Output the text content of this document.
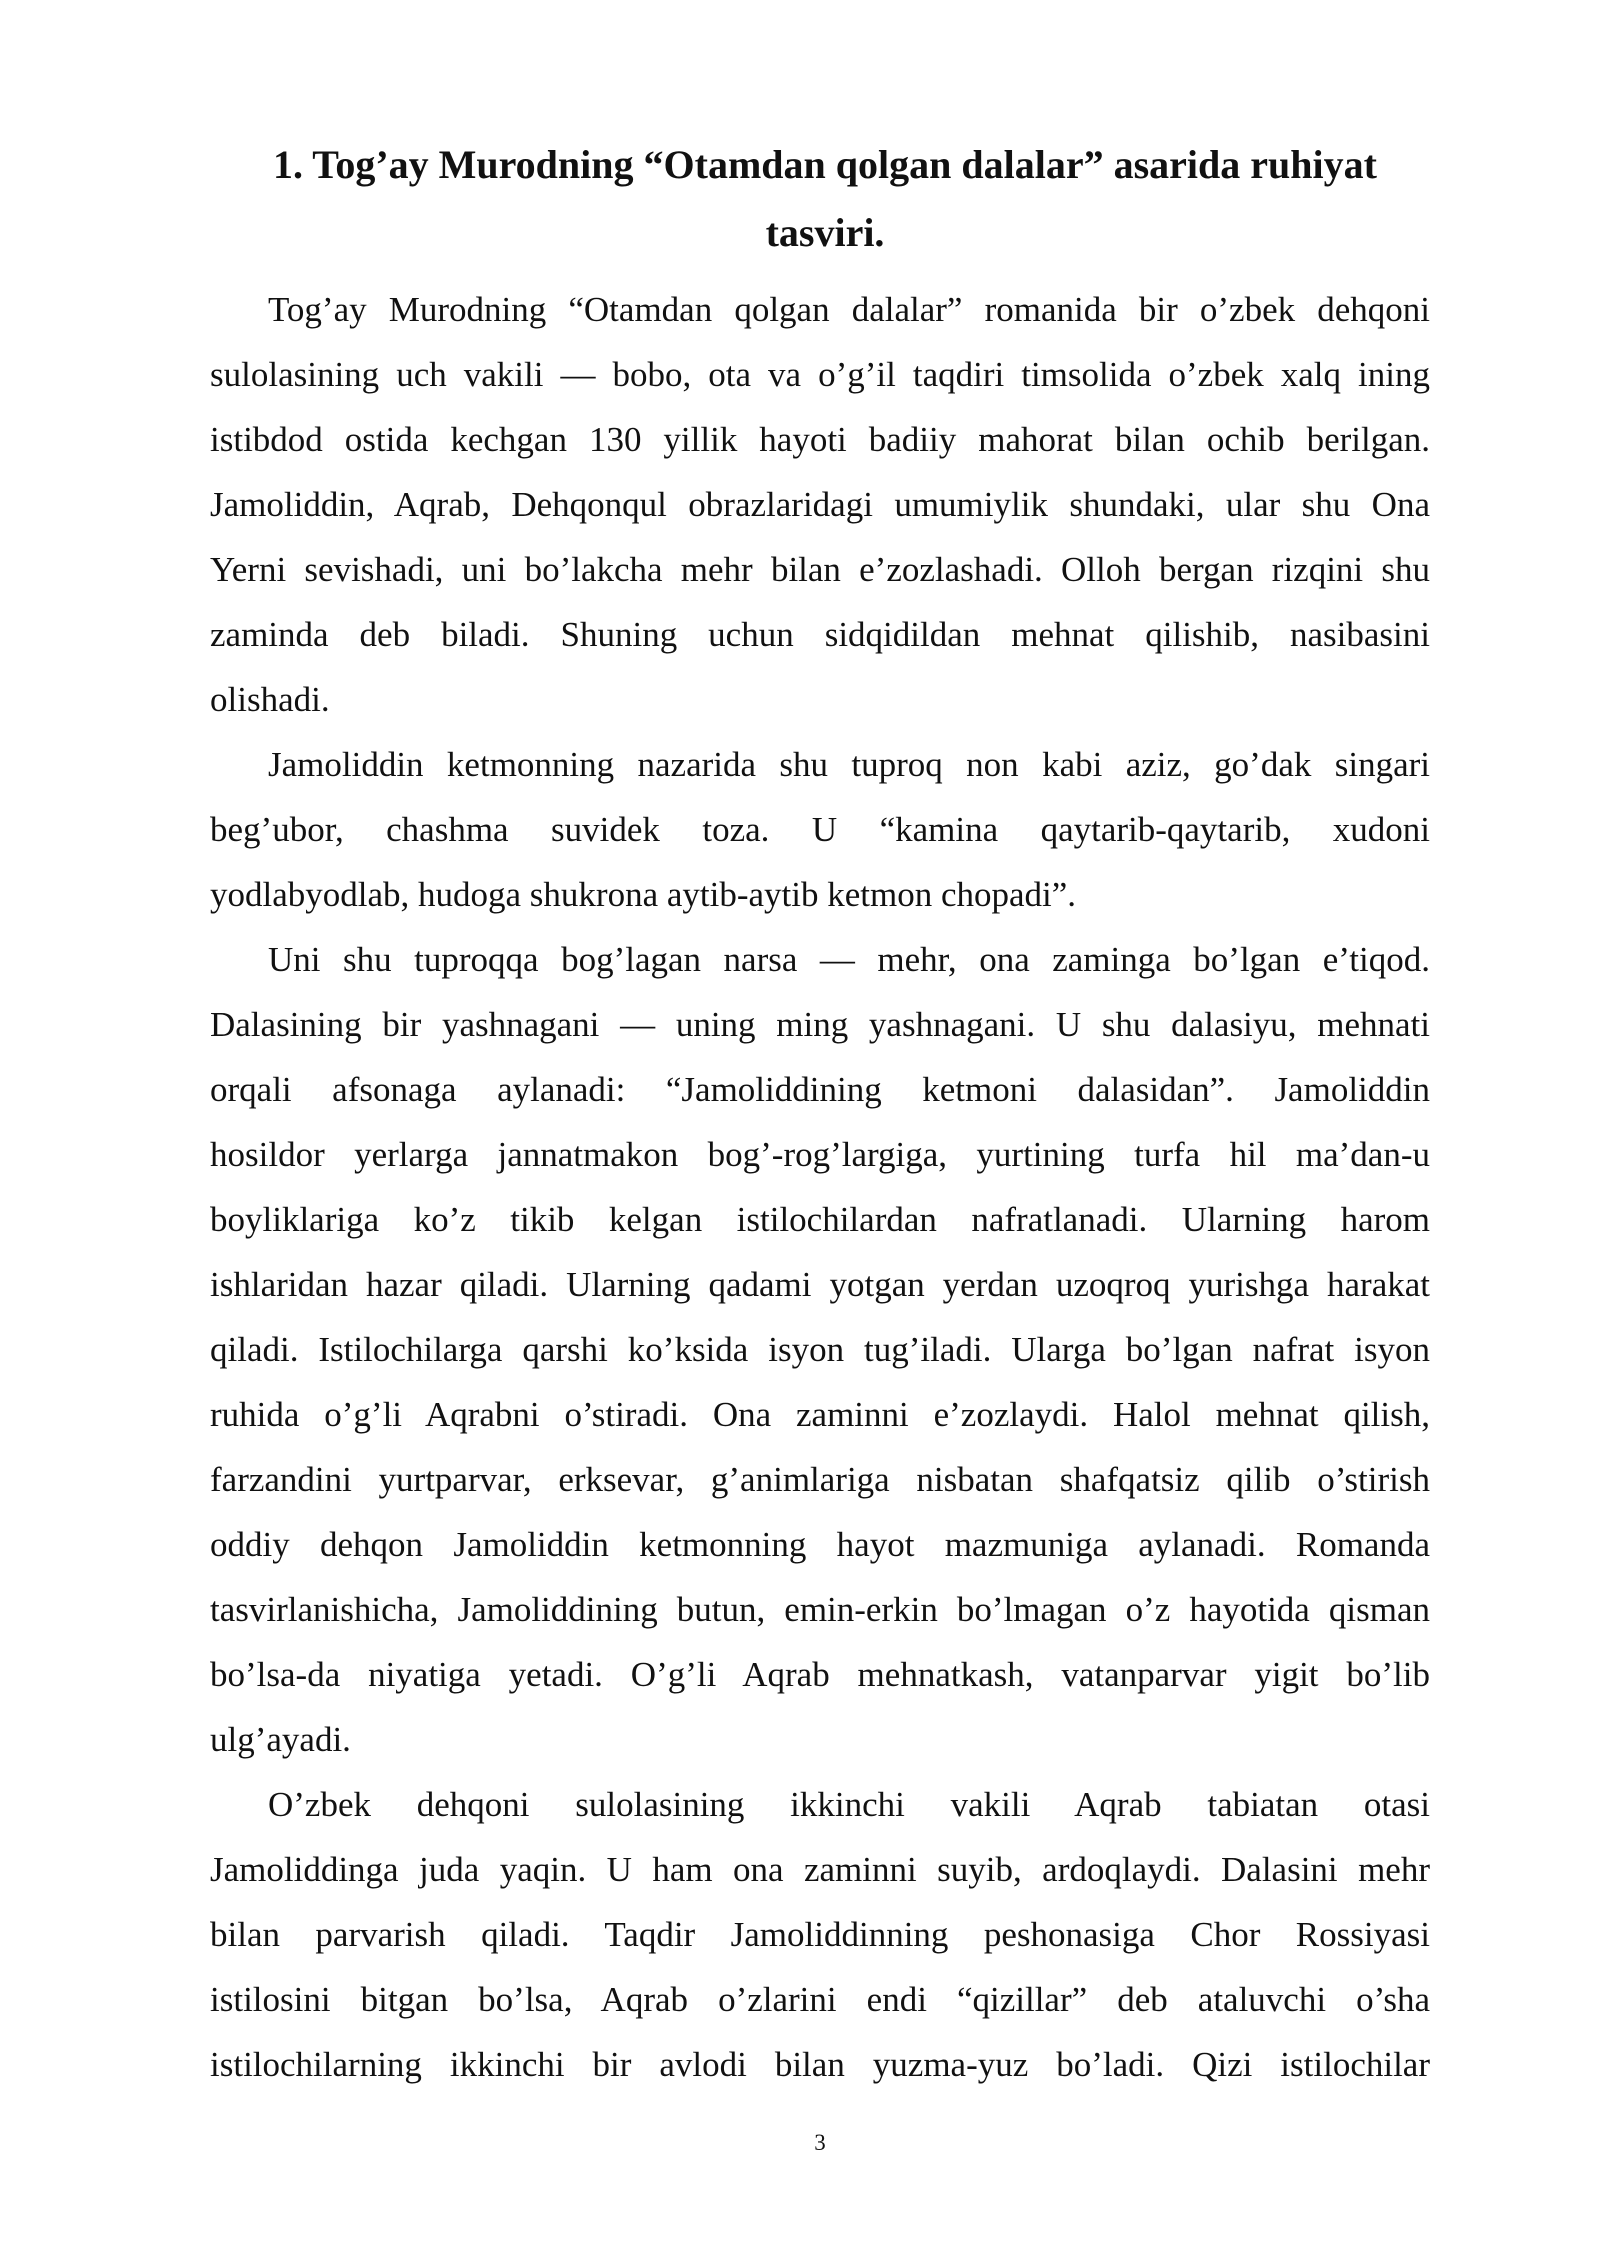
1. Tog’ay Murodning “Otamdan qolgan dalalar” asarida ruhiyat
tasviri.

Tog’ay Murodning “Otamdan qolgan dalalar” romanida bir o’zbek dehqoni

sulolasining uch vakili — bobo, ota va o’g’il taqdiri timsolida o’zbek xalq ining

istibdod ostida kechgan 130 yillik hayoti badiiy mahorat bilan ochib berilgan.

Jamoliddin, Aqrab, Dehqonqul obrazlaridagi umumiylik shundaki, ular shu Ona

Yerni sevishadi, uni bo’lakcha mehr bilan e’zozlashadi. Olloh bergan rizqini shu

zaminda deb biladi. Shuning uchun sidqidildan mehnat qilishib, nasibasini

olishadi.

Jamoliddin ketmonning nazarida shu tuproq non kabi aziz, go’dak singari

beg’ubor, chashma suvidek toza. U “kamina qaytarib-qaytarib, xudoni

yodlabyodlab, hudoga shukrona aytib-aytib ketmon chopadi”.

Uni shu tuproqqa bog’lagan narsa — mehr, ona zaminga bo’lgan e’tiqod.

Dalasining bir yashnagani — uning ming yashnagani. U shu dalasiyu, mehnati

orqali afsonaga aylanadi: “Jamoliddining ketmoni dalasidan”. Jamoliddin

hosildor yerlarga jannatmakon bog’-rog’largiga, yurtining turfa hil ma’dan-u

boyliklariga ko’z tikib kelgan istilochilardan nafratlanadi. Ularning harom

ishlaridan hazar qiladi. Ularning qadami yotgan yerdan uzoqroq yurishga harakat

qiladi. Istilochilarga qarshi ko’ksida isyon tug’iladi. Ularga bo’lgan nafrat isyon

ruhida o’g’li Aqrabni o’stiradi. Ona zaminni e’zozlaydi. Halol mehnat qilish,

farzandini yurtparvar, erksevar, g’animlariga nisbatan shafqatsiz qilib o’stirish

oddiy dehqon Jamoliddin ketmonning hayot mazmuniga aylanadi. Romanda

tasvirlanishicha, Jamoliddining butun, emin-erkin bo’lmagan o’z hayotida qisman

bo’lsa-da niyatiga yetadi. O’g’li Aqrab mehnatkash, vatanparvar yigit bo’lib

ulg’ayadi.

O’zbek dehqoni sulolasining ikkinchi vakili Aqrab tabiatan otasi

Jamoliddinga juda yaqin. U ham ona zaminni suyib, ardoqlaydi. Dalasini mehr

bilan parvarish qiladi. Taqdir Jamoliddinning peshonasiga Chor Rossiyasi

istilosini bitgan bo’lsa, Aqrab o’zlarini endi “qizillar” deb ataluvchi o’sha

istilochilarning ikkinchi bir avlodi bilan yuzma-yuz bo’ladi. Qizi istilochilar

3
